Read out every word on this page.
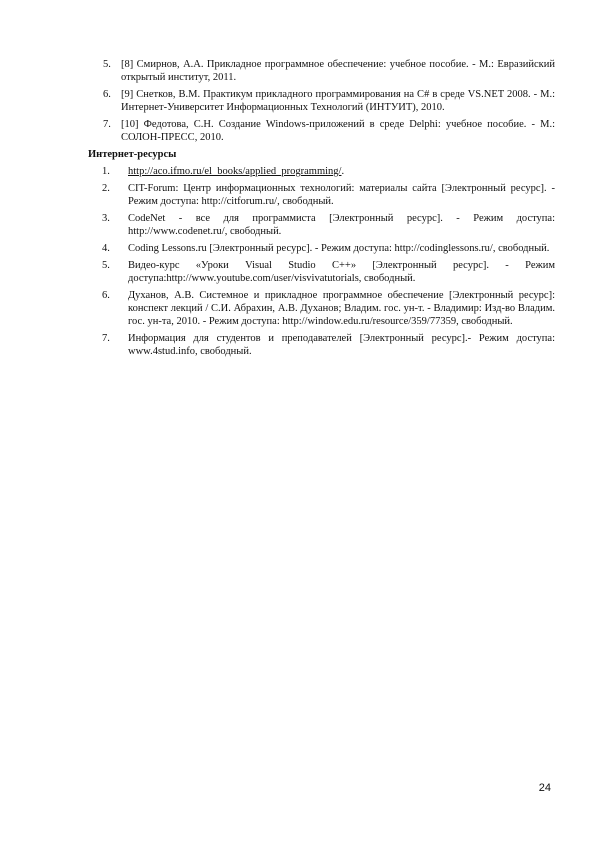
5. [8] Смирнов, А.А. Прикладное программное обеспечение: учебное пособие. - М.: Евразийский открытый институт, 2011.
6. [9] Снетков, В.М. Практикум прикладного программирования на C# в среде VS.NET 2008. - М.: Интернет-Университет Информационных Технологий (ИНТУИТ), 2010.
7. [10] Федотова, С.Н. Создание Windows-приложений в среде Delphi: учебное пособие. - М.: СОЛОН-ПРЕСС, 2010.
Интернет-ресурсы
1. http://aco.ifmo.ru/el_books/applied_programming/.
2. CIT-Forum: Центр информационных технологий: материалы сайта [Электронный ресурс]. - Режим доступа: http://citforum.ru/, свободный.
3. CodeNet - все для программиста [Электронный ресурс]. - Режим доступа: http://www.codenet.ru/, свободный.
4. Coding Lessons.ru [Электронный ресурс]. - Режим доступа: http://codinglessons.ru/, свободный.
5. Видео-курс «Уроки Visual Studio C++» [Электронный ресурс]. - Режим доступа:http://www.youtube.com/user/visvivatutorials, свободный.
6. Духанов, А.В. Системное и прикладное программное обеспечение [Электронный ресурс]: конспект лекций / С.И. Абрахин, А.В. Духанов; Владим. гос. ун-т. - Владимир: Изд-во Владим. гос. ун-та, 2010. - Режим доступа: http://window.edu.ru/resource/359/77359, свободный.
7. Информация для студентов и преподавателей [Электронный ресурс].- Режим доступа: www.4stud.info, свободный.
24
